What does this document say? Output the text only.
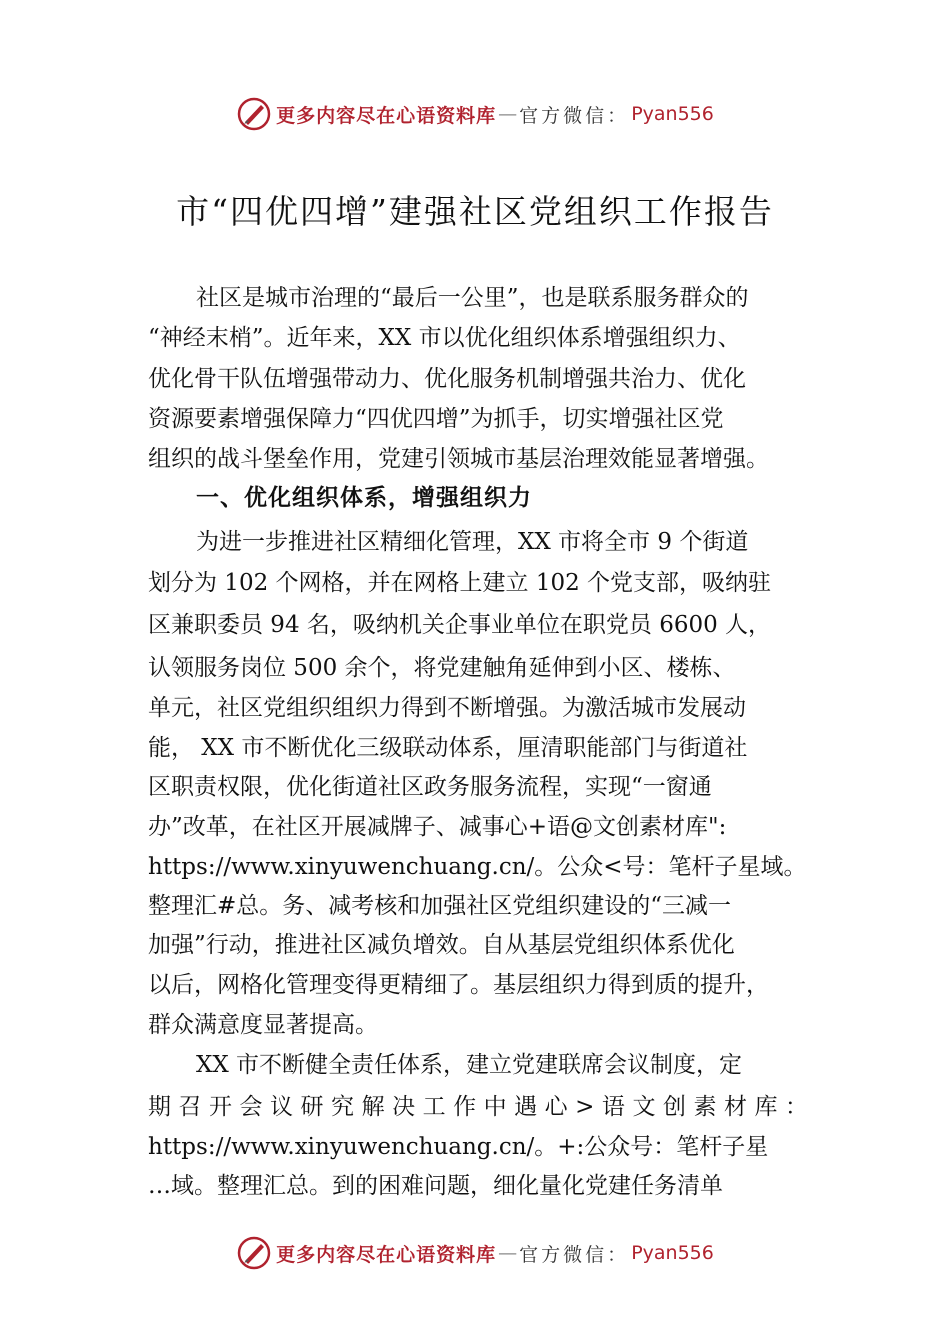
更多内容尽在心语资料库 — 官方微信： Pyan556
市“四优四增”建强社区党组织工作报告
社区是城市治理的“最后一公里”，也是联系服务群众的
“神经末梢”。近年来，XX 市以优化组织体系增强组织力、
优化骨干队伍增强带动力、优化服务机制增强共治力、优化
资源要素增强保障力“四优四增”为抓手，切实增强社区党
组织的战斗堡垒作用，党建引领城市基层治理效能显著增强。
一、优化组织体系，增强组织力
为进一步推进社区精细化管理，XX 市将全市 9 个街道
划分为 102 个网格，并在网格上建立 102 个党支部，吸纳驻
区兼职委员 94 名，吸纳机关企事业单位在职党员 6600 人，
认领服务岗位 500 余个，将党建触角延伸到小区、楼栋、
单元，社区党组织组织力得到不断增强。为激活城市发展动
能， XX 市不断优化三级联动体系，厘清职能部门与街道社
区职责权限，优化街道社区政务服务流程，实现“一窗通
办”改革，在社区开展减牌子、减事心+语@文创素材库":
https://www.xinyuwenchuang.cn/。公众<号：笔杆子星域。
整理汇#总。务、减考核和加强社区党组织建设的“三减一
加强”行动，推进社区减负增效。自从基层党组织体系优化
以后，网格化管理变得更精细了。基层组织力得到质的提升，
群众满意度显著提高。
XX 市不断健全责任体系，建立党建联席会议制度，定
期召开会议研究解决工作中遇心>语文创素材库：
https://www.xinyuwenchuang.cn/。+:公众号：笔杆子星
…域。整理汇总。到的困难问题，细化量化党建任务清单
更多内容尽在心语资料库 — 官方微信： Pyan556
